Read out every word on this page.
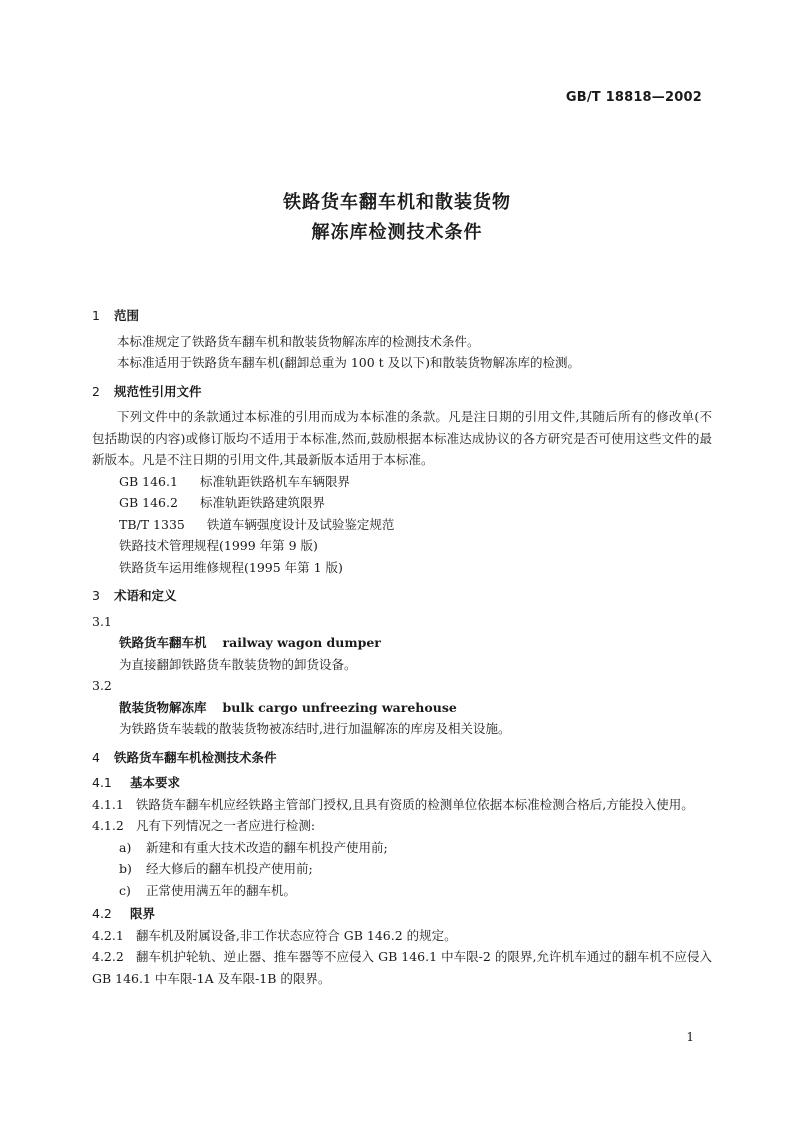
GB/T 18818—2002
铁路货车翻车机和散装货物
解冻库检测技术条件
1 范围

本标准规定了铁路货车翻车机和散装货物解冻库的检测技术条件。

本标准适用于铁路货车翻车机(翻卸总重为 100 t 及以下)和散装货物解冻库的检测。

2 规范性引用文件

下列文件中的条款通过本标准的引用而成为本标准的条款。凡是注日期的引用文件,其随后所有的修改单(不包括勘误的内容)或修订版均不适用于本标准,然而,鼓励根据本标准达成协议的各方研究是否可使用这些文件的最新版本。凡是不注日期的引用文件,其最新版本适用于本标准。

GB 146.1 标准轨距铁路机车车辆限界
GB 146.2 标准轨距铁路建筑限界
TB/T 1335 铁道车辆强度设计及试验鉴定规范
铁路技术管理规程(1999 年第 9 版)
铁路货车运用维修规程(1995 年第 1 版)
3 术语和定义

3.1

铁路货车翻车机 railway wagon dumper
为直接翻卸铁路货车散装货物的卸货设备。

3.2

散装货物解冻库 bulk cargo unfreezing warehouse
为铁路货车装载的散装货物被冻结时,进行加温解冻的库房及相关设施。
4 铁路货车翻车机检测技术条件
4.1 基本要求

4.1.1 铁路货车翻车机应经铁路主管部门授权,且具有资质的检测单位依据本标准检测合格后,方能投入使用。

4.1.2 凡有下列情况之一者应进行检测:

a) 新建和有重大技术改造的翻车机投产使用前;
b) 经大修后的翻车机投产使用前;
c) 正常使用满五年的翻车机。
4.2 限界

4.2.1 翻车机及附属设备,非工作状态应符合 GB 146.2 的规定。

4.2.2 翻车机护轮轨、逆止器、推车器等不应侵入 GB 146.1 中车限-2 的限界,允许机车通过的翻车机不应侵入 GB 146.1 中车限-1A 及车限-1B 的限界。

1
